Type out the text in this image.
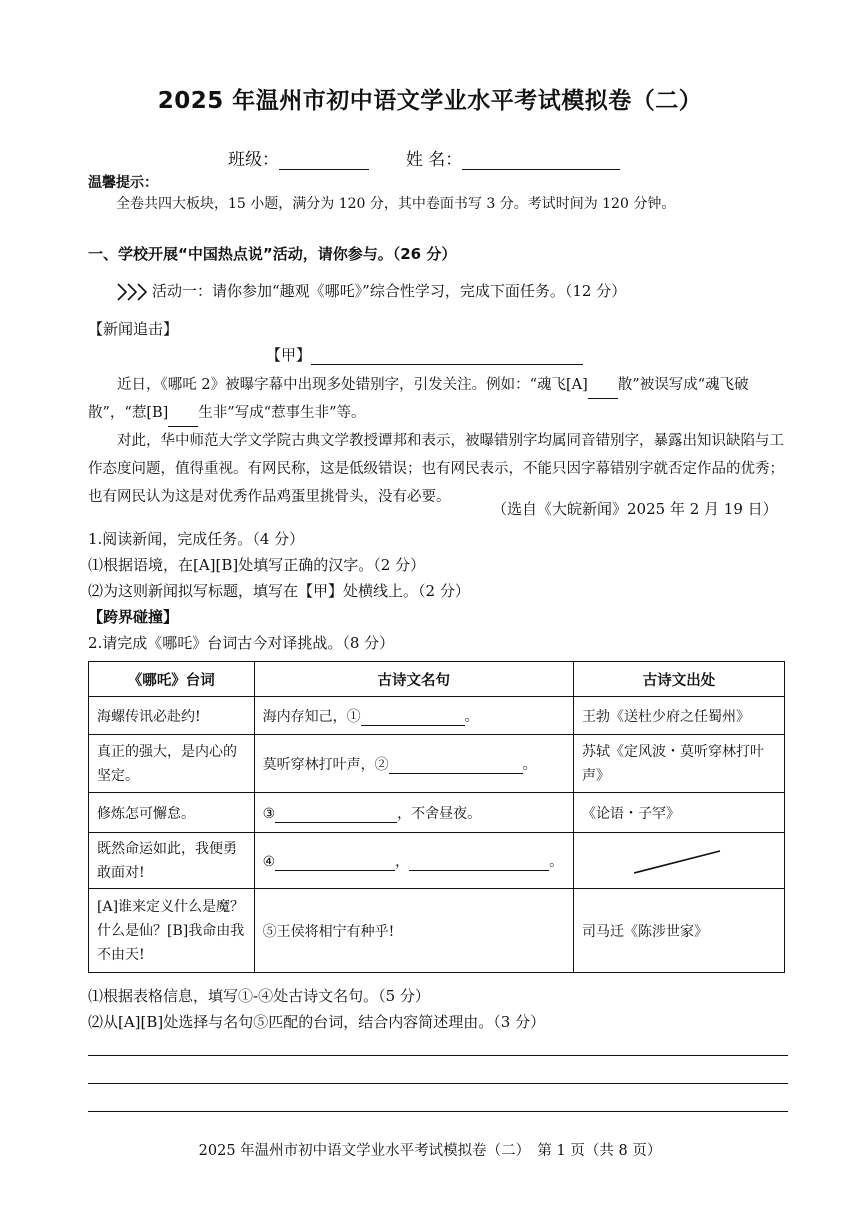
2025 年温州市初中语文学业水平考试模拟卷（二）
班级：	姓 名：
温馨提示：
全卷共四大板块，15 小题，满分为 120 分，其中卷面书写 3 分。考试时间为 120 分钟。
一、学校开展“中国热点说”活动，请你参与。（26 分）
活动一：请你参加“趣观《哪吒》”综合性学习，完成下面任务。（12 分）
【新闻追击】
【甲】
近日，《哪吒 2》被曝字幕中出现多处错别字，引发关注。例如：“魂飞[A] 散”被误写成“魂飞破散”，“惹[B] 生非”写成“惹事生非”等。
对此，华中师范大学文学院古典文学教授谭邦和表示，被曝错别字均属同音错别字，暴露出知识缺陷与工作态度问题，值得重视。有网民称，这是低级错误；也有网民表示，不能只因字幕错别字就否定作品的优秀；也有网民认为这是对优秀作品鸡蛋里挑骨头，没有必要。
（选自《大皖新闻》2025 年 2 月 19 日）
1.阅读新闻，完成任务。（4 分）
⑴根据语境，在[A][B]处填写正确的汉字。（2 分）
⑵为这则新闻拟写标题，填写在【甲】处横线上。（2 分）
【跨界碰撞】
2.请完成《哪吒》台词古今对译挑战。（8 分）
《哪吒》台词	古诗文名句	古诗文出处
海螺传讯必赴约!	海内存知己，① 。	王勃《送杜少府之任蜀州》
真正的强大，是内心的坚定。	莫听穿林打叶声，② 。	苏轼《定风波・莫听穿林打叶声》
修炼怎可懈怠。	③ ，不舍昼夜。	《论语・子罕》
既然命运如此，我便勇敢面对!	④ ， 。	

[A]谁来定义什么是魔？什么是仙？[B]我命由我不由天!	⑤王侯将相宁有种乎!	司马迁《陈涉世家》
⑴根据表格信息，填写①-④处古诗文名句。（5 分）
⑵从[A][B]处选择与名句⑤匹配的台词，结合内容简述理由。（3 分）
2025 年温州市初中语文学业水平考试模拟卷（二）　第 1 页（共 8 页）
